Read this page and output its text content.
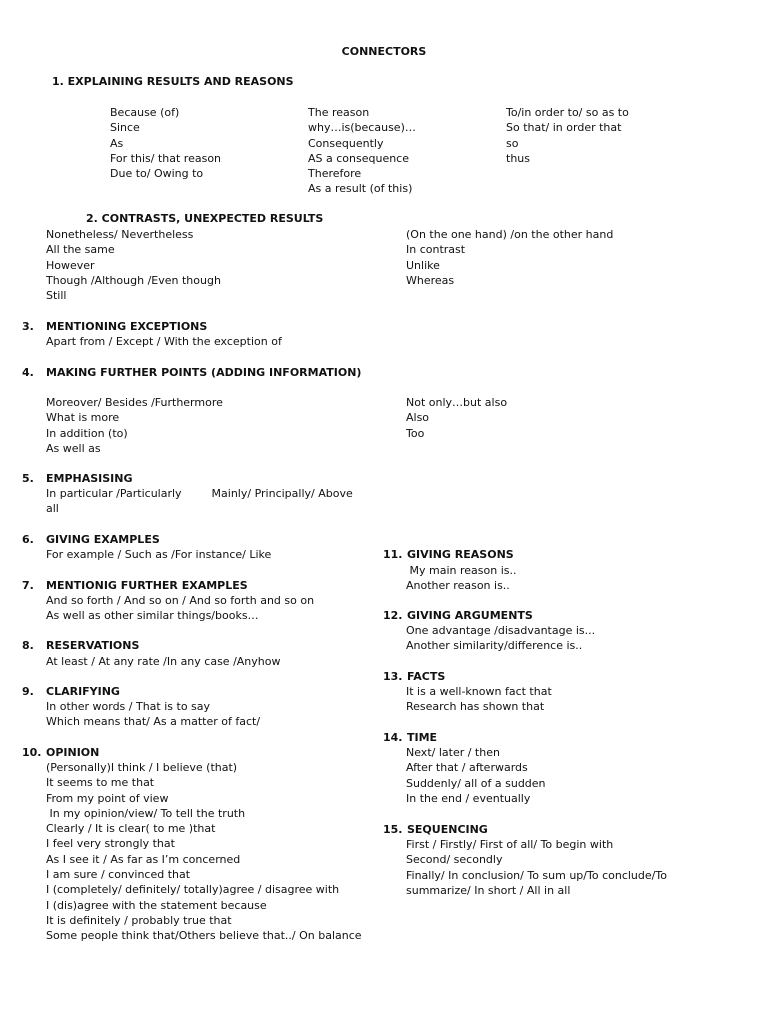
CONNECTORS
1. EXPLAINING RESULTS AND REASONS
Because (of)
Since
As
For this/ that reason
Due to/ Owing to
The reason
why…is(because)…
Consequently
AS a consequence
Therefore
As a result (of this)
To/in order to/ so as to
So that/ in order that
so
thus
2. CONTRASTS, UNEXPECTED RESULTS
Nonetheless/ Nevertheless
All the same
However
Though /Although /Even though
Still
(On the one hand) /on the other hand
In contrast
Unlike
Whereas
3. MENTIONING EXCEPTIONS
Apart from / Except / With the exception of
4. MAKING FURTHER POINTS (ADDING INFORMATION)
Moreover/ Besides /Furthermore
What is more
In addition (to)
As well as
Not only…but also
Also
Too
5. EMPHASISING
In particular /Particularly	Mainly/ Principally/ Above
all
6. GIVING EXAMPLES
For example / Such as /For instance/ Like
7. MENTIONIG FURTHER EXAMPLES
And so forth / And so on / And so forth and so on
As well as other similar things/books…
8. RESERVATIONS
At least / At any rate /In any case /Anyhow
9. CLARIFYING
In other words / That is to say
Which means that/ As a matter of fact/
10. OPINION
(Personally)I think / I believe (that)
It seems to me that
From my point of view
In my opinion/view/ To tell the truth
Clearly / It is clear( to me )that
I feel very strongly that
As I see it / As far as I’m concerned
I am sure / convinced that
I (completely/ definitely/ totally)agree / disagree with
I (dis)agree with the statement because
It is definitely / probably true that
Some people think that/Others believe that../ On balance
11. GIVING REASONS
My main reason is..
Another reason is..
12. GIVING ARGUMENTS
One advantage /disadvantage is...
Another similarity/difference is..
13. FACTS
It is a well-known fact that
Research has shown that
14. TIME
Next/ later / then
After that / afterwards
Suddenly/ all of a sudden
In the end / eventually
15. SEQUENCING
First / Firstly/ First of all/ To begin with
Second/ secondly
Finally/ In conclusion/ To sum up/To conclude/To
summarize/ In short / All in all
